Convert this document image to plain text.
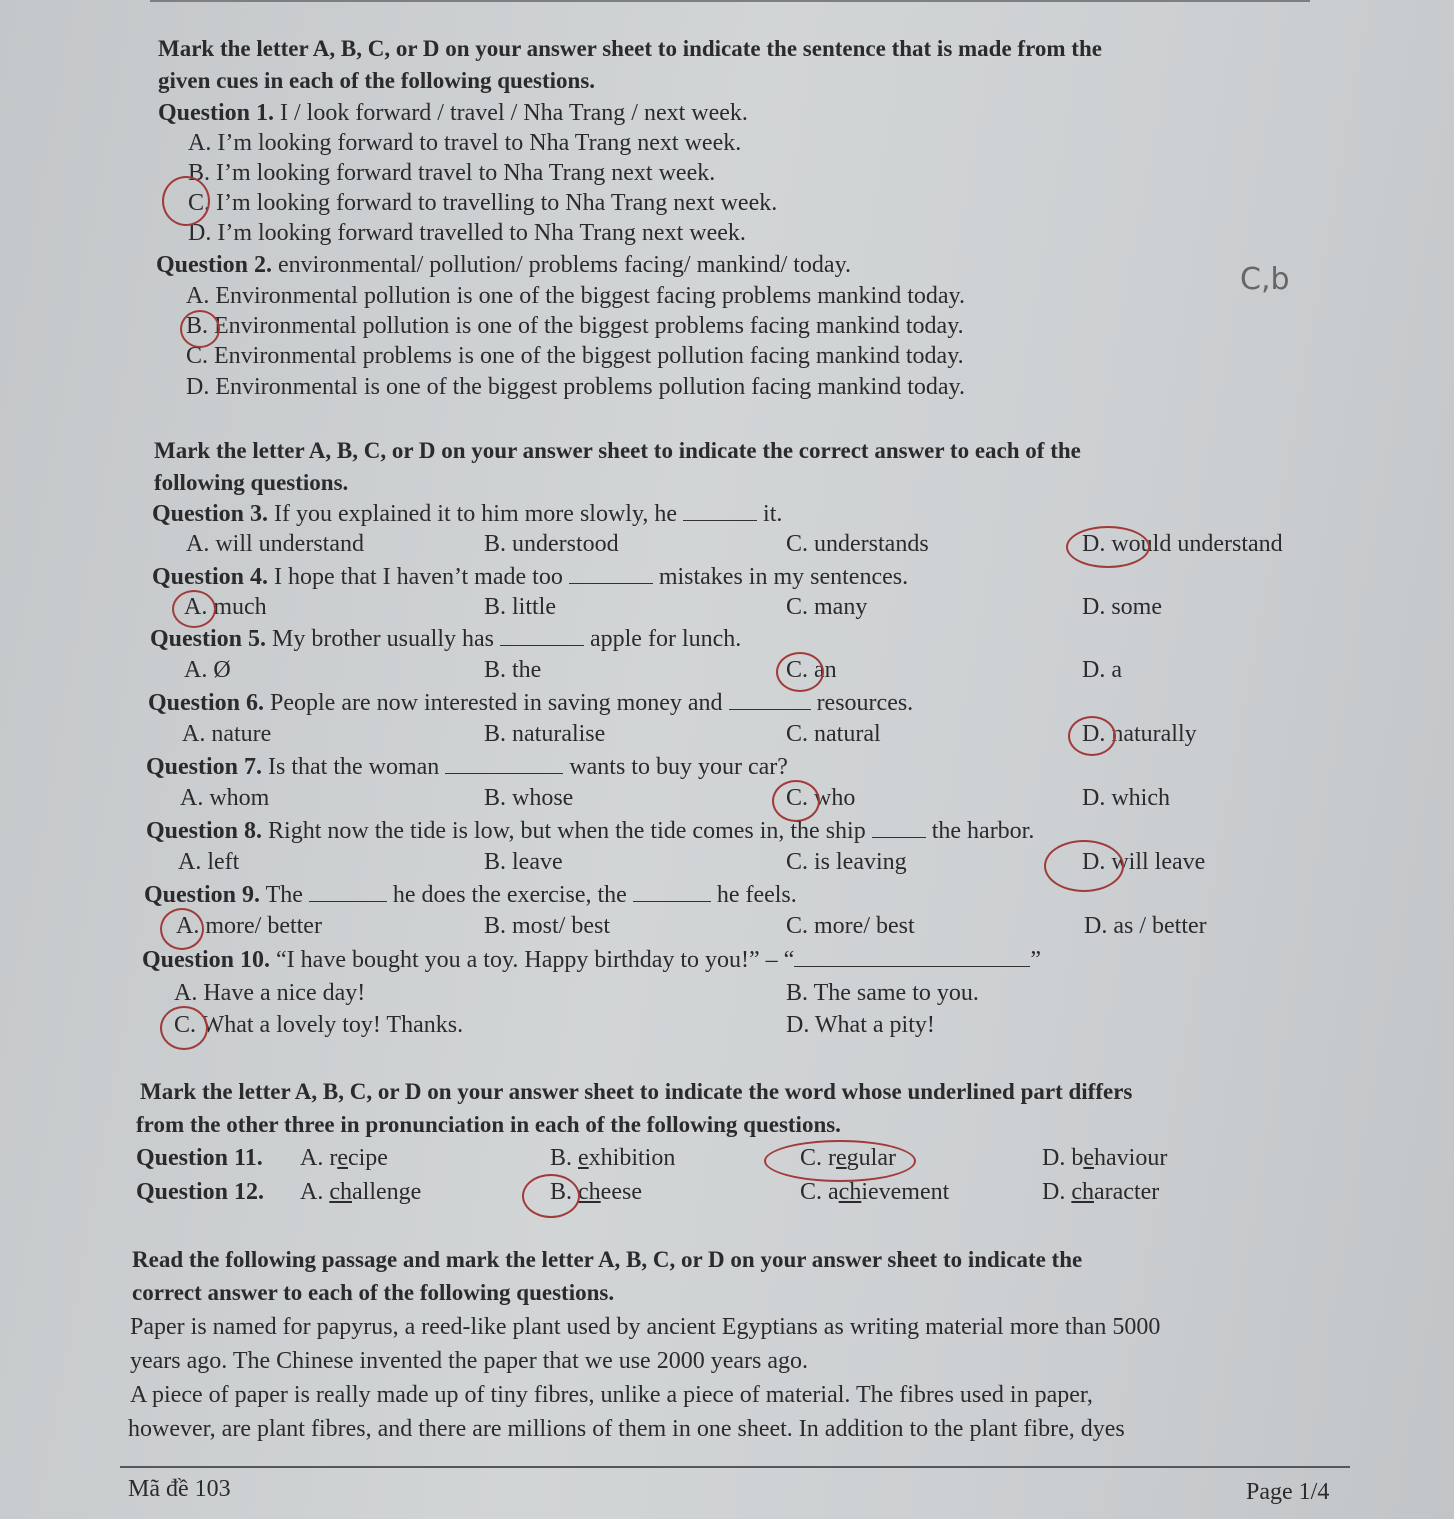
Mark the letter A, B, C, or D on your answer sheet to indicate the sentence that is made from the
given cues in each of the following questions.
Question 1. I / look forward / travel / Nha Trang / next week.
A. I’m looking forward to travel to Nha Trang next week.
B. I’m looking forward travel to Nha Trang next week.
C. I’m looking forward to travelling to Nha Trang next week.
D. I’m looking forward travelled to Nha Trang next week.
Question 2. environmental/ pollution/ problems facing/ mankind/ today.
A. Environmental pollution is one of the biggest facing problems mankind today.
B. Environmental pollution is one of the biggest problems facing mankind today.
C. Environmental problems is one of the biggest pollution facing mankind today.
D. Environmental is one of the biggest problems pollution facing mankind today.
C,b
Mark the letter A, B, C, or D on your answer sheet to indicate the correct answer to each of the
following questions.
Question 3. If you explained it to him more slowly, he	it.
A. will understand	B. understood	C. understands	D. would understand
Question 4. I hope that I haven’t made too	mistakes in my sentences.
A. much	B. little	C. many	D. some
Question 5. My brother usually has	apple for lunch.
A. Ø	B. the	C. an	D. a
Question 6. People are now interested in saving money and	resources.
A. nature	B. naturalise	C. natural	D. naturally
Question 7. Is that the woman	wants to buy your car?
A. whom	B. whose	C. who	D. which
Question 8. Right now the tide is low, but when the tide comes in, the ship	the harbor.
A. left	B. leave	C. is leaving	D. will leave
Question 9. The	he does the exercise, the	he feels.
A. more/ better	B. most/ best	C. more/ best	D. as / better
Question 10. “I have bought you a toy. Happy birthday to you!” – “	”
A. Have a nice day!	B. The same to you.
C. What a lovely toy! Thanks.	D. What a pity!
Mark the letter A, B, C, or D on your answer sheet to indicate the word whose underlined part differs
from the other three in pronunciation in each of the following questions.
Question 11. A. recipe	B. exhibition	C. regular	D. behaviour
Question 12. A. challenge	B. cheese	C. achievement	D. character
Read the following passage and mark the letter A, B, C, or D on your answer sheet to indicate the
correct answer to each of the following questions.
Paper is named for papyrus, a reed-like plant used by ancient Egyptians as writing material more than 5000
years ago. The Chinese invented the paper that we use 2000 years ago.
A piece of paper is really made up of tiny fibres, unlike a piece of material. The fibres used in paper,
however, are plant fibres, and there are millions of them in one sheet. In addition to the plant fibre, dyes
Mã đề 103	Page 1/4
